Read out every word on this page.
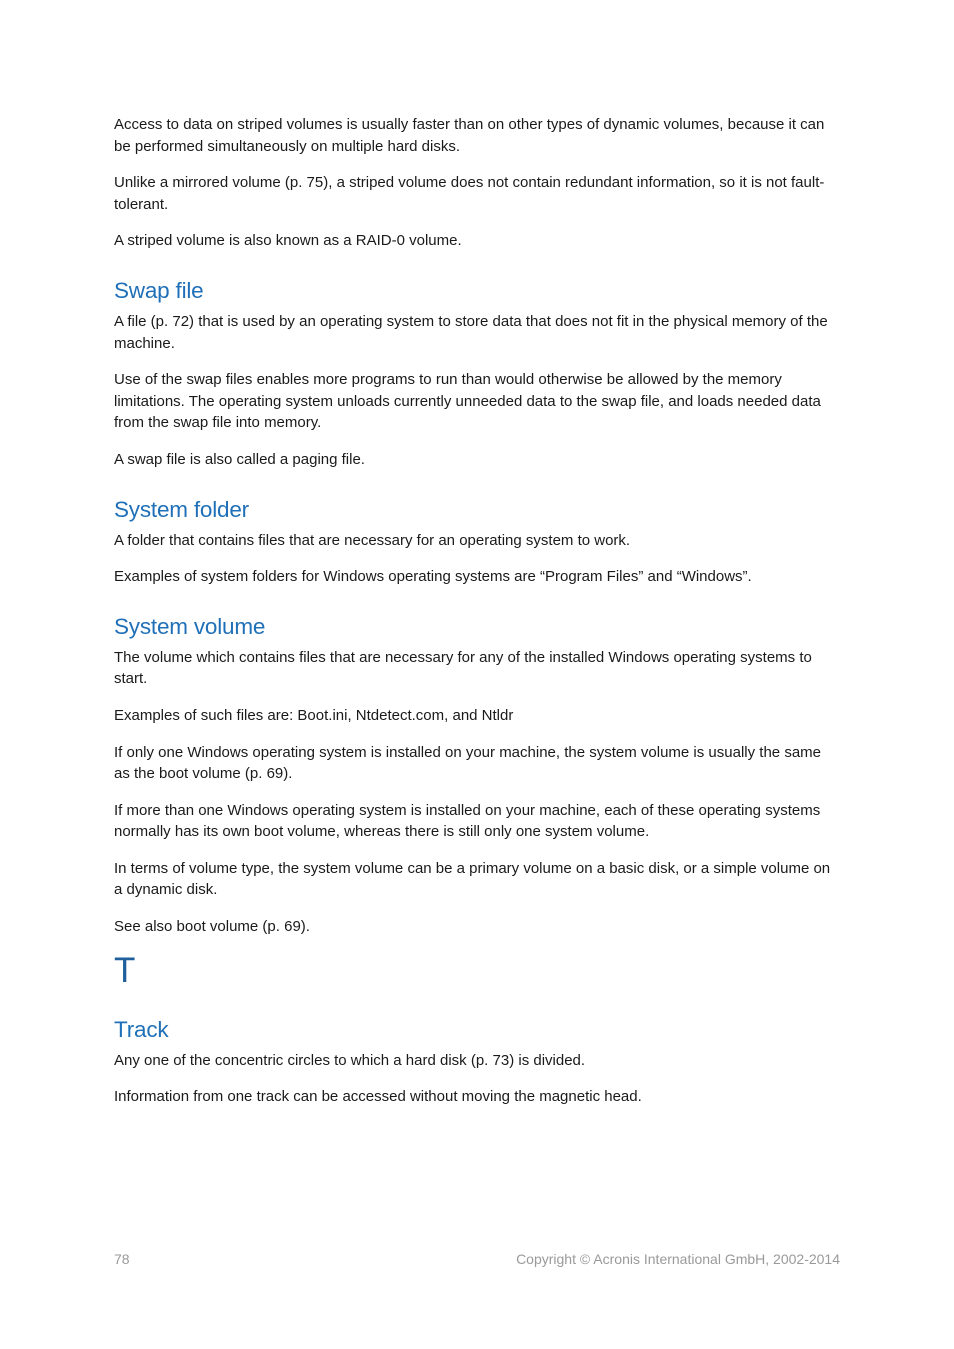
Access to data on striped volumes is usually faster than on other types of dynamic volumes, because it can be performed simultaneously on multiple hard disks.

Unlike a mirrored volume (p. 75), a striped volume does not contain redundant information, so it is not fault-tolerant.

A striped volume is also known as a RAID-0 volume.

Swap file

A file (p. 72) that is used by an operating system to store data that does not fit in the physical memory of the machine.

Use of the swap files enables more programs to run than would otherwise be allowed by the memory limitations. The operating system unloads currently unneeded data to the swap file, and loads needed data from the swap file into memory.

A swap file is also called a paging file.

System folder

A folder that contains files that are necessary for an operating system to work.

Examples of system folders for Windows operating systems are “Program Files” and “Windows”.

System volume

The volume which contains files that are necessary for any of the installed Windows operating systems to start.

Examples of such files are: Boot.ini, Ntdetect.com, and Ntldr

If only one Windows operating system is installed on your machine, the system volume is usually the same as the boot volume (p. 69).

If more than one Windows operating system is installed on your machine, each of these operating systems normally has its own boot volume, whereas there is still only one system volume.

In terms of volume type, the system volume can be a primary volume on a basic disk, or a simple volume on a dynamic disk.

See also boot volume (p. 69).

T
Track

Any one of the concentric circles to which a hard disk (p. 73) is divided.

Information from one track can be accessed without moving the magnetic head.

78	Copyright © Acronis International GmbH, 2002-2014
